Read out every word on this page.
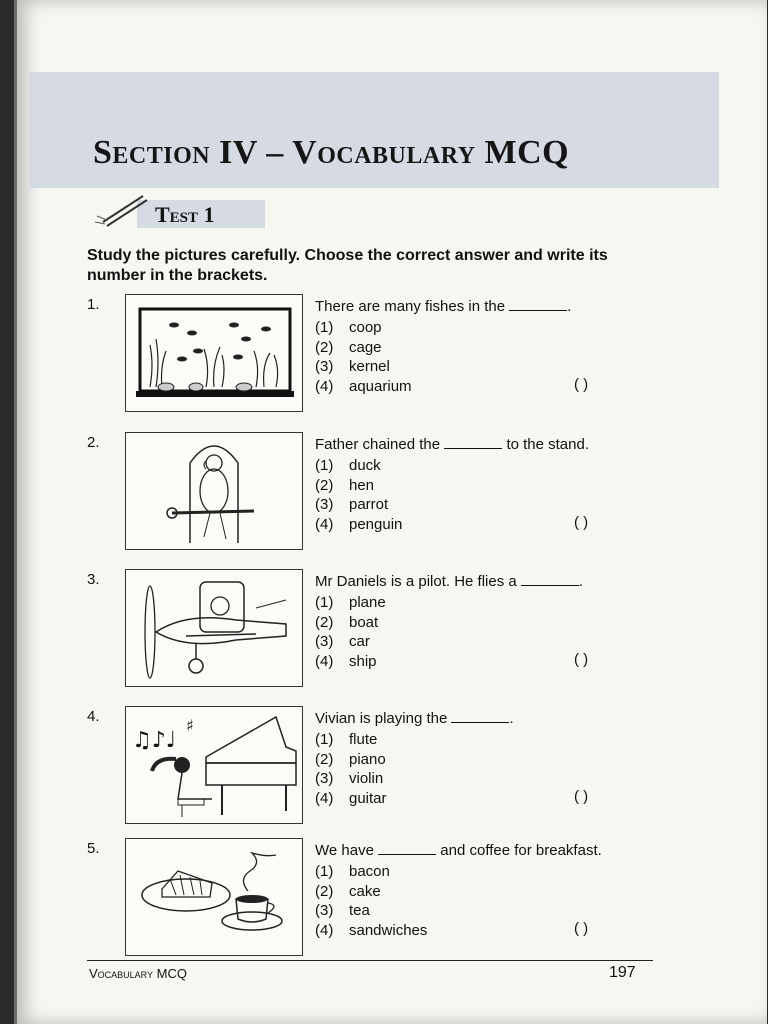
Section IV – Vocabulary MCQ
Test 1
Study the pictures carefully. Choose the correct answer and write its number in the brackets.
1.	There are many fishes in the	.
(1) coop
(2) cage
(3) kernel
(4) aquarium	( )
2.	Father chained the	to the stand.
(1) duck
(2) hen
(3) parrot
(4) penguin	( )
3.	Mr Daniels is a pilot. He flies a	.
(1) plane
(2) boat
(3) car
(4) ship	( )
4.
♫♪♩
♯	Vivian is playing the	.
(1) flute
(2) piano
(3) violin
(4) guitar	( )
5.	We have	and coffee for breakfast.
(1) bacon
(2) cake
(3) tea
(4) sandwiches	( )
Vocabulary MCQ	197
